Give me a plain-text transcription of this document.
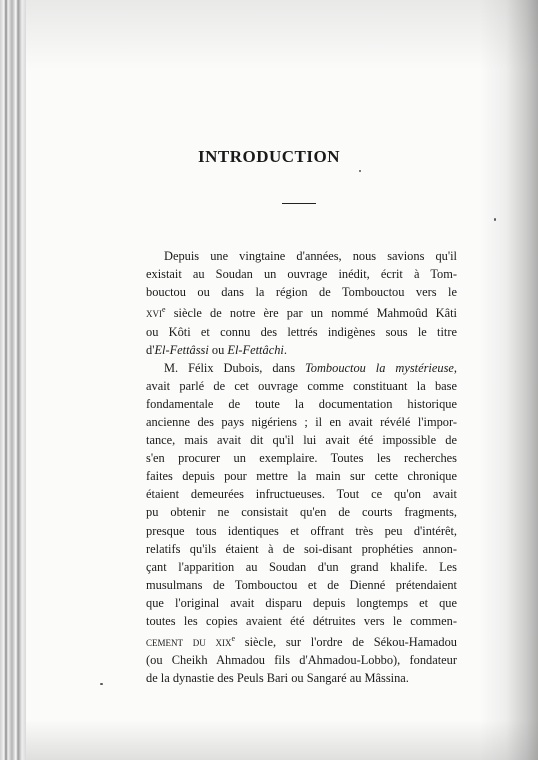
INTRODUCTION
Depuis une vingtaine d'années, nous savions qu'il
existait au Soudan un ouvrage inédit, écrit à Tom-
bouctou ou dans la région de Tombouctou vers le
xvi$^e$ siècle de notre ère par un nommé Mahmoûd Kâti
ou Kôti et connu des lettrés indigènes sous le titre
d'El-Fettâssi ou El-Fettâchi.
M. Félix Dubois, dans Tombouctou la mystérieuse,
avait parlé de cet ouvrage comme constituant la base
fondamentale de toute la documentation historique
ancienne des pays nigériens ; il en avait révélé l'impor-
tance, mais avait dit qu'il lui avait été impossible de
s'en procurer un exemplaire. Toutes les recherches
faites depuis pour mettre la main sur cette chronique
étaient demeurées infructueuses. Tout ce qu'on avait
pu obtenir ne consistait qu'en de courts fragments,
presque tous identiques et offrant très peu d'intérêt,
relatifs qu'ils étaient à de soi-disant prophéties annon-
çant l'apparition au Soudan d'un grand khalife. Les
musulmans de Tombouctou et de Dienné prétendaient
que l'original avait disparu depuis longtemps et que
toutes les copies avaient été détruites vers le commen-
cement du xix$^e$ siècle, sur l'ordre de Sékou-Hamadou
(ou Cheikh Ahmadou fils d'Ahmadou-Lobbo), fondateur
de la dynastie des Peuls Bari ou Sangaré au Mâssina.
